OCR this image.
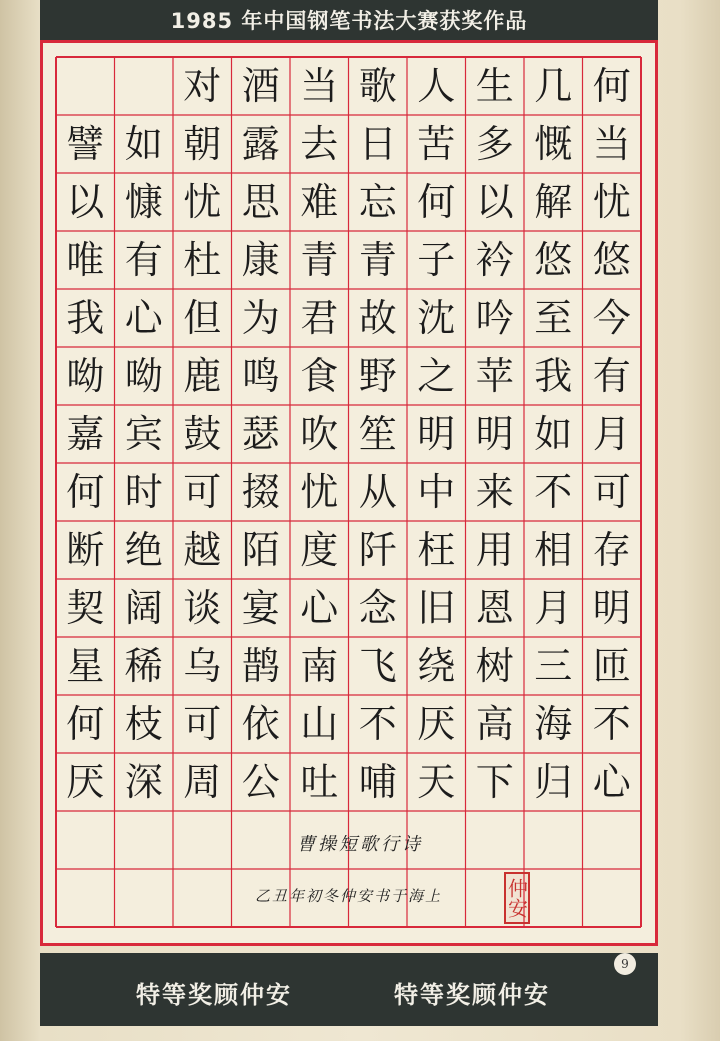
1985 年中国钢笔书法大赛获奖作品
何
当
忧
悠
今
有
月
可
存
明
匝
不
心
几
慨
解
悠
至
我
如
不
相
月
三
海
归
生
多
以
衿
吟
苹
明
来
用
恩
树
高
下
人
苦
何
子
沈
之
明
中
枉
旧
绕
厌
天
歌
日
忘
青
故
野
笙
从
阡
念
飞
不
哺
当
去
难
青
君
食
吹
忧
度
心
南
山
吐
酒
露
思
康
为
鸣
瑟
掇
陌
宴
鹊
依
公
对
朝
忧
杜
但
鹿
鼓
可
越
谈
乌
可
周
如
慷
有
心
呦
宾
时
绝
阔
稀
枝
深
譬
以
唯
我
呦
嘉
何
断
契
星
何
厌
曹操短歌行诗
乙丑年初冬仲安书于海上	仲安
特等奖顾仲安	特等奖顾仲安
9
